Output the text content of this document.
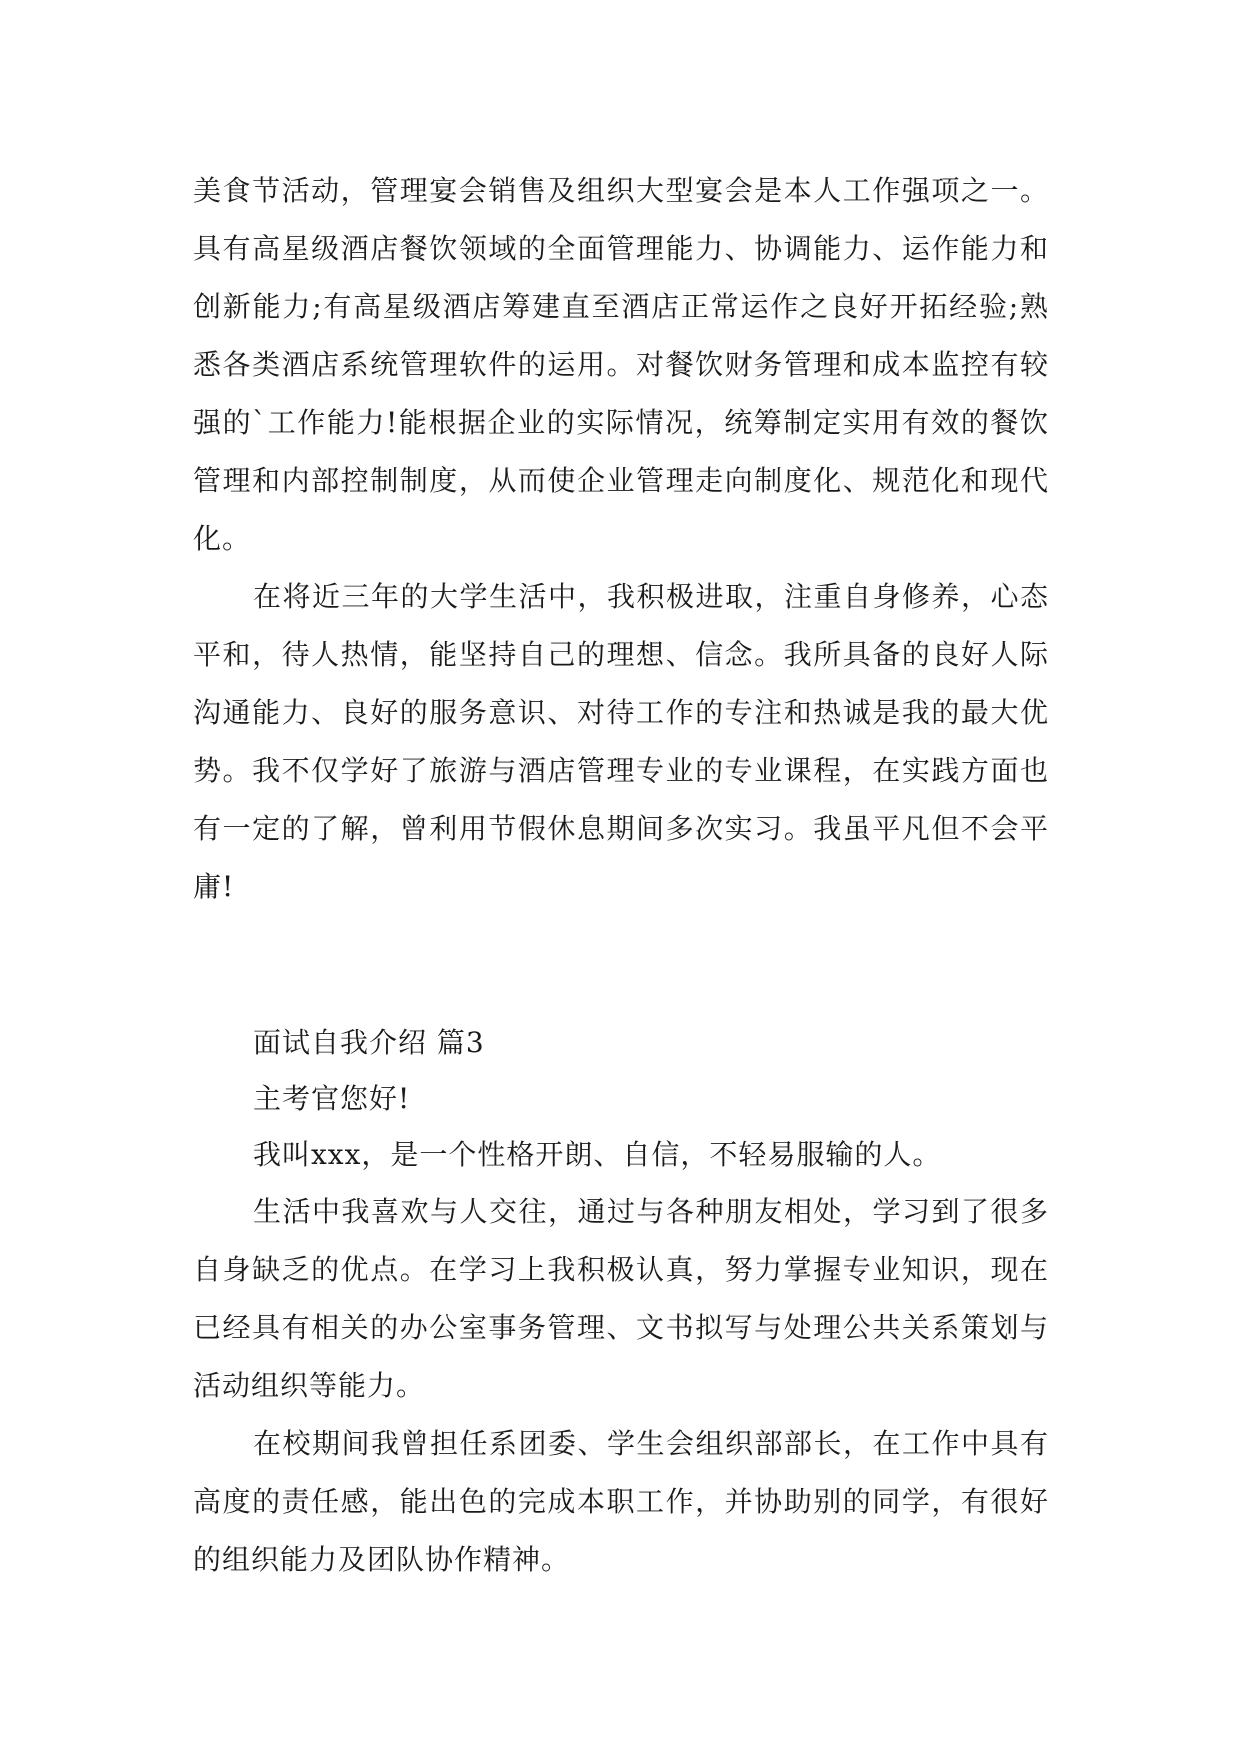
美食节活动，管理宴会销售及组织大型宴会是本人工作强项之一。具有高星级酒店餐饮领域的全面管理能力、协调能力、运作能力和创新能力;有高星级酒店筹建直至酒店正常运作之良好开拓经验;熟悉各类酒店系统管理软件的运用。对餐饮财务管理和成本监控有较强的`工作能力!能根据企业的实际情况，统筹制定实用有效的餐饮管理和内部控制制度，从而使企业管理走向制度化、规范化和现代化。

在将近三年的大学生活中，我积极进取，注重自身修养，心态平和，待人热情，能坚持自己的理想、信念。我所具备的良好人际沟通能力、良好的服务意识、对待工作的专注和热诚是我的最大优势。我不仅学好了旅游与酒店管理专业的专业课程，在实践方面也有一定的了解，曾利用节假休息期间多次实习。我虽平凡但不会平庸!

面试自我介绍 篇3

主考官您好!

我叫xxx，是一个性格开朗、自信，不轻易服输的人。

生活中我喜欢与人交往，通过与各种朋友相处，学习到了很多自身缺乏的优点。在学习上我积极认真，努力掌握专业知识，现在已经具有相关的办公室事务管理、文书拟写与处理公共关系策划与活动组织等能力。

在校期间我曾担任系团委、学生会组织部部长，在工作中具有高度的责任感，能出色的完成本职工作，并协助别的同学，有很好的组织能力及团队协作精神。
